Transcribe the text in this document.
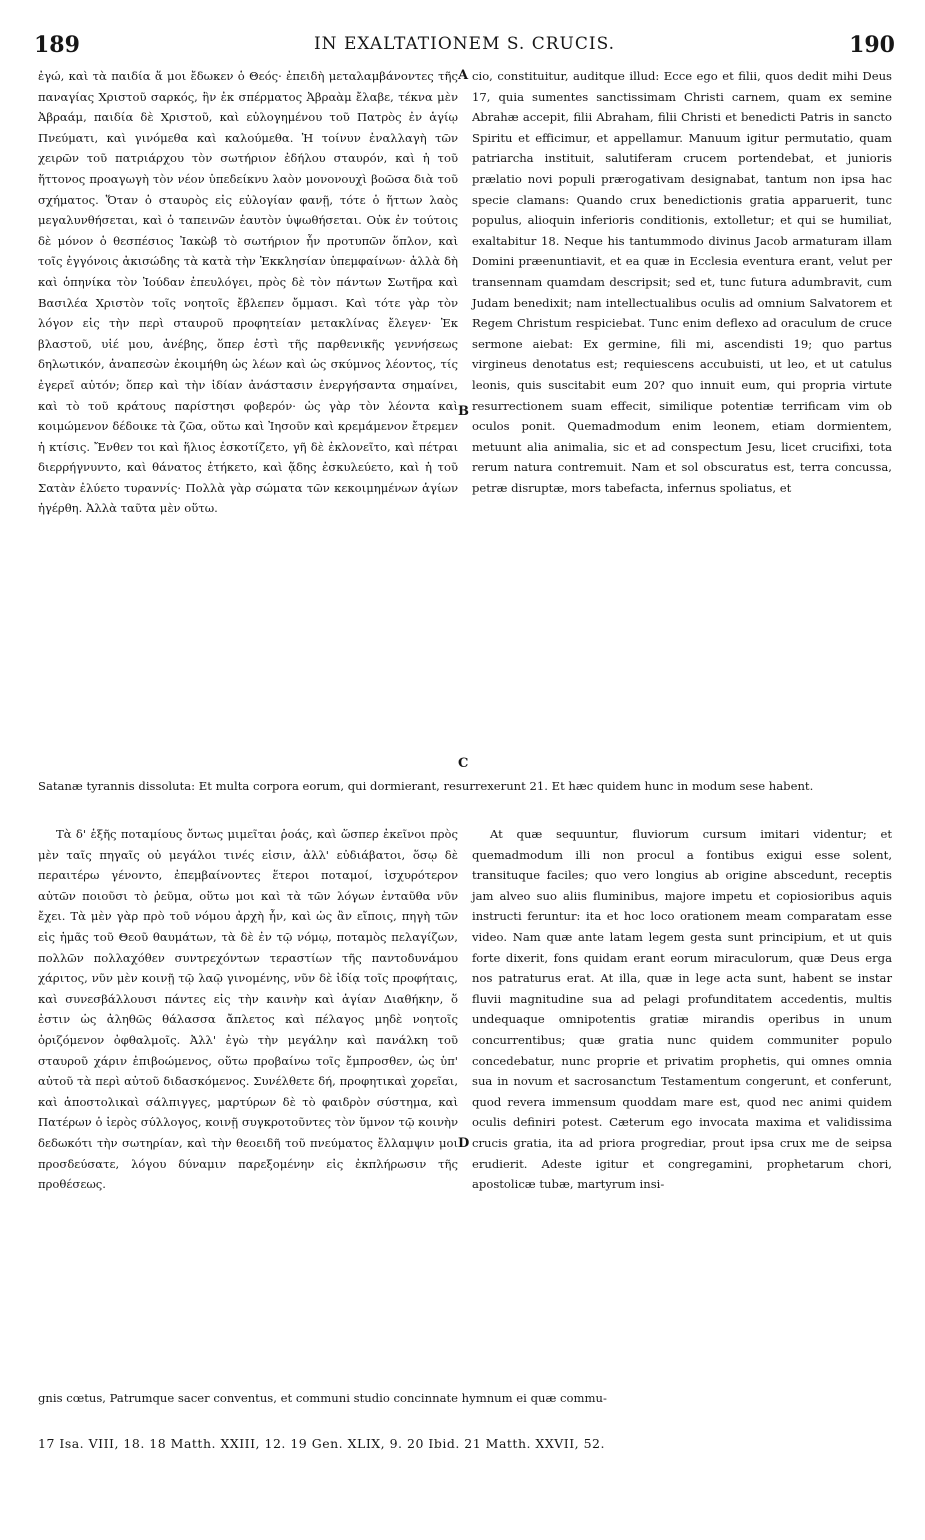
189	IN EXALTATIONEM S. CRUCIS.	190

ἐγώ, καὶ τὰ παιδία ἅ μοι ἔδωκεν ὁ Θεός· ἐπειδὴ μεταλαμβάνοντες τῆς παναγίας Χριστοῦ σαρκός, ἣν ἐκ σπέρματος Ἀβραὰμ ἔλαβε, τέκνα μὲν Ἀβραάμ, παιδία δὲ Χριστοῦ, καὶ εὐλογημένου τοῦ Πατρὸς ἐν ἁγίῳ Πνεύματι, καὶ γινόμεθα καὶ καλούμεθα. Ἡ τοίνυν ἐναλλαγὴ τῶν χειρῶν τοῦ πατριάρχου τὸν σωτήριον ἐδήλου σταυρόν, καὶ ἡ τοῦ ἥττονος προαγωγὴ τὸν νέον ὑπεδείκνυ λαὸν μονονουχὶ βοῶσα διὰ τοῦ σχήματος. Ὅταν ὁ σταυρὸς εἰς εὐλογίαν φανῇ, τότε ὁ ἥττων λαὸς μεγαλυνθήσεται, καὶ ὁ ταπεινῶν ἑαυτὸν ὑψωθήσεται. Οὐκ ἐν τούτοις δὲ μόνον ὁ θεσπέσιος Ἰακὼβ τὸ σωτήριον ἦν προτυπῶν ὅπλον, καὶ τοῖς ἐγγόνοις ἀκισώδης τὰ κατὰ τὴν Ἐκκλησίαν ὑπεμφαίνων· ἀλλὰ δὴ καὶ ὁπηνίκα τὸν Ἰούδαν ἐπευλόγει, πρὸς δὲ τὸν πάντων Σωτῆρα καὶ Βασιλέα Χριστὸν τοῖς νοητοῖς ἔβλεπεν ὄμμασι. Καὶ τότε γὰρ τὸν λόγον εἰς τὴν περὶ σταυροῦ προφητείαν μετακλίνας ἔλεγεν· Ἐκ βλαστοῦ, υἱέ μου, ἀνέβης, ὅπερ ἐστὶ τῆς παρθενικῆς γεννήσεως δηλωτικόν, ἀναπεσὼν ἐκοιμήθη ὡς λέων καὶ ὡς σκύμνος λέοντος, τίς ἐγερεῖ αὐτόν; ὅπερ καὶ τὴν ἰδίαν ἀνάστασιν ἐνεργήσαντα σημαίνει, καὶ τὸ τοῦ κράτους παρίστησι φοβερόν· ὡς γὰρ τὸν λέοντα καὶ κοιμώμενον δέδοικε τὰ ζῶα, οὕτω καὶ Ἰησοῦν καὶ κρεμάμενον ἔτρεμεν ἡ κτίσις. Ἔνθεν τοι καὶ ἥλιος ἐσκοτίζετο, γῆ δὲ ἐκλονεῖτο, καὶ πέτραι διερρήγνυντο, καὶ θάνατος ἐτήκετο, καὶ ᾅδης ἐσκυλεύετο, καὶ ἡ τοῦ Σατὰν ἐλύετο τυραννίς· Πολλὰ γὰρ σώματα τῶν κεκοιμημένων ἁγίων ἠγέρθη. Ἀλλὰ ταῦτα μὲν οὕτω.

cio, constituitur, auditque illud: Ecce ego et filii, quos dedit mihi Deus 17, quia sumentes sanctissimam Christi carnem, quam ex semine Abrahæ accepit, filii Abraham, filii Christi et benedicti Patris in sancto Spiritu et efficimur, et appellamur. Manuum igitur permutatio, quam patriarcha instituit, salutiferam crucem portendebat, et junioris prælatio novi populi prærogativam designabat, tantum non ipsa hac specie clamans: Quando crux benedictionis gratia apparuerit, tunc populus, alioquin inferioris conditionis, extolletur; et qui se humiliat, exaltabitur 18. Neque his tantummodo divinus Jacob armaturam illam Domini præenuntiavit, et ea quæ in Ecclesia eventura erant, velut per transennam quamdam descripsit; sed et, tunc futura adumbravit, cum Judam benedixit; nam intellectualibus oculis ad omnium Salvatorem et Regem Christum respiciebat. Tunc enim deflexo ad oraculum de cruce sermone aiebat: Ex germine, fili mi, ascendisti 19; quo partus virgineus denotatus est; requiescens accubuisti, ut leo, et ut catulus leonis, quis suscitabit eum 20? quo innuit eum, qui propria virtute resurrectionem suam effecit, similique potentiæ terrificam vim ob oculos ponit. Quemadmodum enim leonem, etiam dormientem, metuunt alia animalia, sic et ad conspectum Jesu, licet crucifixi, tota rerum natura contremuit. Nam et sol obscuratus est, terra concussa, petræ disruptæ, mors tabefacta, infernus spoliatus, et

A
B
C
D

Satanæ tyrannis dissoluta: Et multa corpora eorum, qui dormierant, resurrexerunt 21. Et hæc quidem hunc in modum sese habent.

Τὰ δ' ἑξῆς ποταμίους ὄντως μιμεῖται ῥοάς, καὶ ὥσπερ ἐκεῖνοι πρὸς μὲν ταῖς πηγαῖς οὐ μεγάλοι τινές εἰσιν, ἀλλ' εὐδιάβατοι, ὅσῳ δὲ περαιτέρω γένοντο, ἐπεμβαίνοντες ἕτεροι ποταμοί, ἰσχυρότερον αὐτῶν ποιοῦσι τὸ ῥεῦμα, οὕτω μοι καὶ τὰ τῶν λόγων ἐνταῦθα νῦν ἔχει. Τὰ μὲν γὰρ πρὸ τοῦ νόμου ἀρχὴ ἦν, καὶ ὡς ἂν εἴποις, πηγὴ τῶν εἰς ἡμᾶς τοῦ Θεοῦ θαυμάτων, τὰ δὲ ἐν τῷ νόμῳ, ποταμὸς πελαγίζων, πολλῶν πολλαχόθεν συντρεχόντων τεραστίων τῆς παντοδυνάμου χάριτος, νῦν μὲν κοινῇ τῷ λαῷ γινομένης, νῦν δὲ ἰδίᾳ τοῖς προφήταις, καὶ συνεσβάλλουσι πάντες εἰς τὴν καινὴν καὶ ἁγίαν Διαθήκην, ὅ ἐστιν ὡς ἀληθῶς θάλασσα ἄπλετος καὶ πέλαγος μηδὲ νοητοῖς ὁριζόμενον ὀφθαλμοῖς. Ἀλλ' ἐγὼ τὴν μεγάλην καὶ πανάλκη τοῦ σταυροῦ χάριν ἐπιβοώμενος, οὕτω προβαίνω τοῖς ἔμπροσθεν, ὡς ὑπ' αὐτοῦ τὰ περὶ αὐτοῦ διδασκόμενος. Συνέλθετε δή, προφητικαὶ χορεῖαι, καὶ ἀποστολικαὶ σάλπιγγες, μαρτύρων δὲ τὸ φαιδρὸν σύστημα, καὶ Πατέρων ὁ ἱερὸς σύλλογος, κοινῇ συγκροτοῦντες τὸν ὕμνον τῷ κοινὴν δεδωκότι τὴν σωτηρίαν, καὶ τὴν θεοειδῆ τοῦ πνεύματος ἔλλαμψιν μοι προσδεύσατε, λόγου δύναμιν παρεξομένην εἰς ἐκπλήρωσιν τῆς προθέσεως.

At quæ sequuntur, fluviorum cursum imitari videntur; et quemadmodum illi non procul a fontibus exigui esse solent, transituque faciles; quo vero longius ab origine abscedunt, receptis jam alveo suo aliis fluminibus, majore impetu et copiosioribus aquis instructi feruntur: ita et hoc loco orationem meam comparatam esse video. Nam quæ ante latam legem gesta sunt principium, et ut quis forte dixerit, fons quidam erant eorum miraculorum, quæ Deus erga nos patraturus erat. At illa, quæ in lege acta sunt, habent se instar fluvii magnitudine sua ad pelagi profunditatem accedentis, multis undequaque omnipotentis gratiæ mirandis operibus in unum concurrentibus; quæ gratia nunc quidem communiter populo concedebatur, nunc proprie et privatim prophetis, qui omnes omnia sua in novum et sacrosanctum Testamentum congerunt, et conferunt, quod revera immensum quoddam mare est, quod nec animi quidem oculis definiri potest. Cæterum ego invocata maxima et validissima crucis gratia, ita ad priora progrediar, prout ipsa crux me de seipsa erudierit. Adeste igitur et congregamini, prophetarum chori, apostolicæ tubæ, martyrum insi-

gnis cœtus, Patrumque sacer conventus, et communi studio concinnate hymnum ei quæ commu-

17 Isa. VIII, 18. 18 Matth. XXIII, 12. 19 Gen. XLIX, 9. 20 Ibid. 21 Matth. XXVII, 52.
